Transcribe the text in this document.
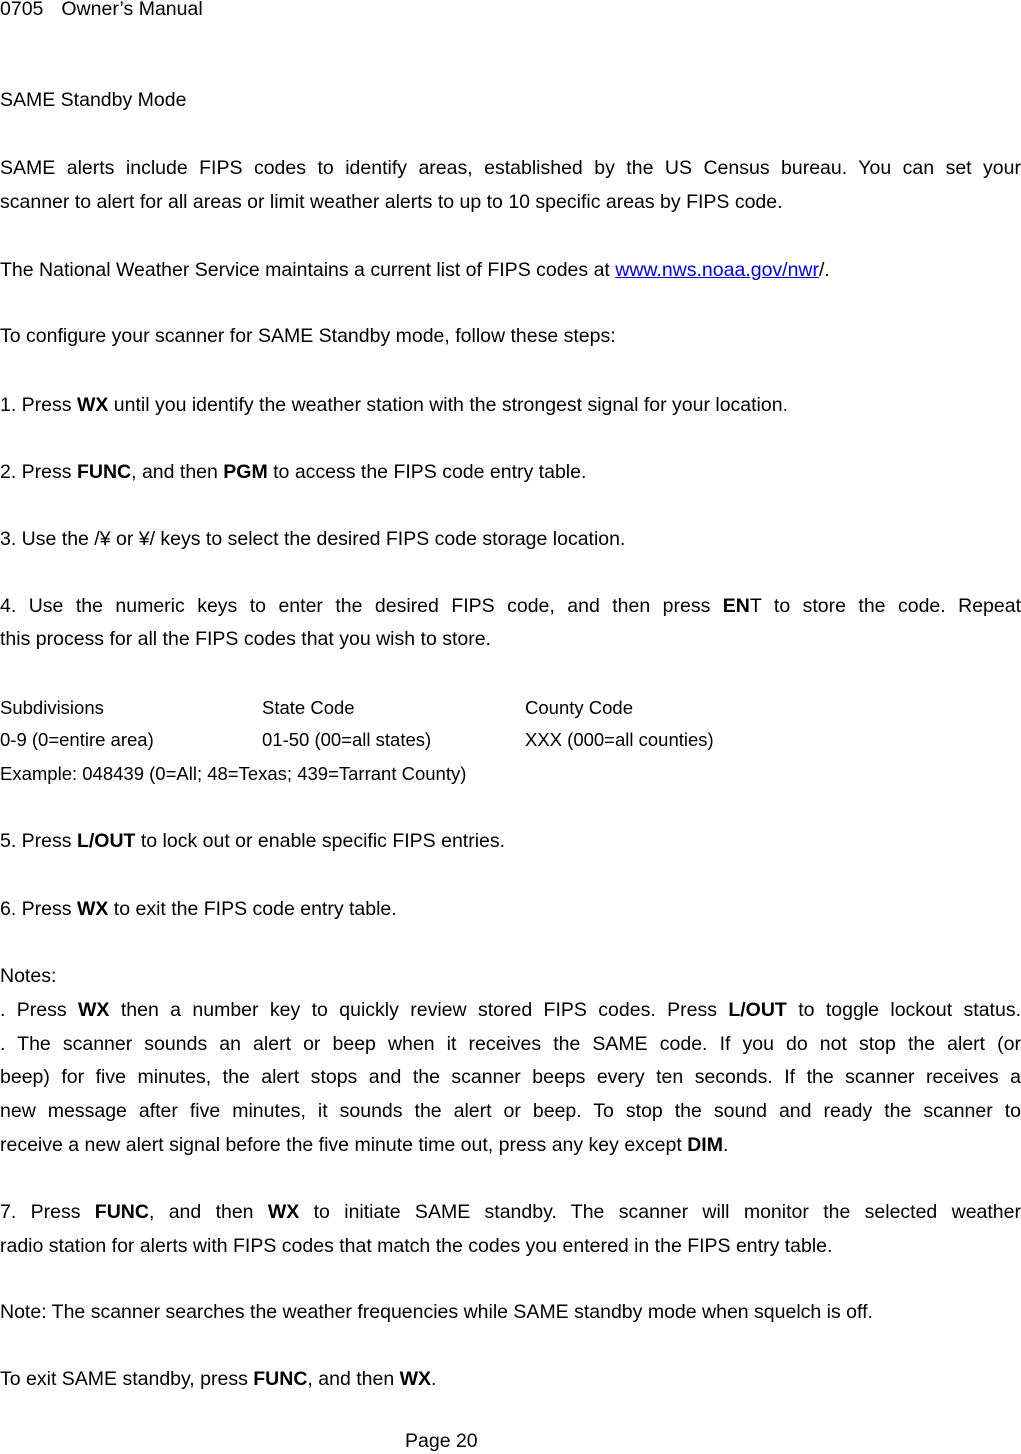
0705 Owner’s Manual
SAME Standby Mode
SAME alerts include FIPS codes to identify areas, established by the US Census bureau. You can set your
scanner to alert for all areas or limit weather alerts to up to 10 specific areas by FIPS code.
The National Weather Service maintains a current list of FIPS codes at www.nws.noaa.gov/nwr/.
To configure your scanner for SAME Standby mode, follow these steps:
1. Press WX until you identify the weather station with the strongest signal for your location.
2. Press FUNC, and then PGM to access the FIPS code entry table.
3. Use the /¥ or ¥/ keys to select the desired FIPS code storage location.
4. Use the numeric keys to enter the desired FIPS code, and then press ENT to store the code. Repeat
this process for all the FIPS codes that you wish to store.
Subdivisions	State Code	County Code
0-9 (0=entire area)	01-50 (00=all states)	XXX (000=all counties)
Example: 048439 (0=All; 48=Texas; 439=Tarrant County)
5. Press L/OUT to lock out or enable specific FIPS entries.
6. Press WX to exit the FIPS code entry table.
Notes:
. Press WX then a number key to quickly review stored FIPS codes. Press L/OUT to toggle lockout status.
. The scanner sounds an alert or beep when it receives the SAME code. If you do not stop the alert (or
beep) for five minutes, the alert stops and the scanner beeps every ten seconds. If the scanner receives a
new message after five minutes, it sounds the alert or beep. To stop the sound and ready the scanner to
receive a new alert signal before the five minute time out, press any key except DIM.
7. Press FUNC, and then WX to initiate SAME standby. The scanner will monitor the selected weather
radio station for alerts with FIPS codes that match the codes you entered in the FIPS entry table.
Note: The scanner searches the weather frequencies while SAME standby mode when squelch is off.
To exit SAME standby, press FUNC, and then WX.
Page 20
